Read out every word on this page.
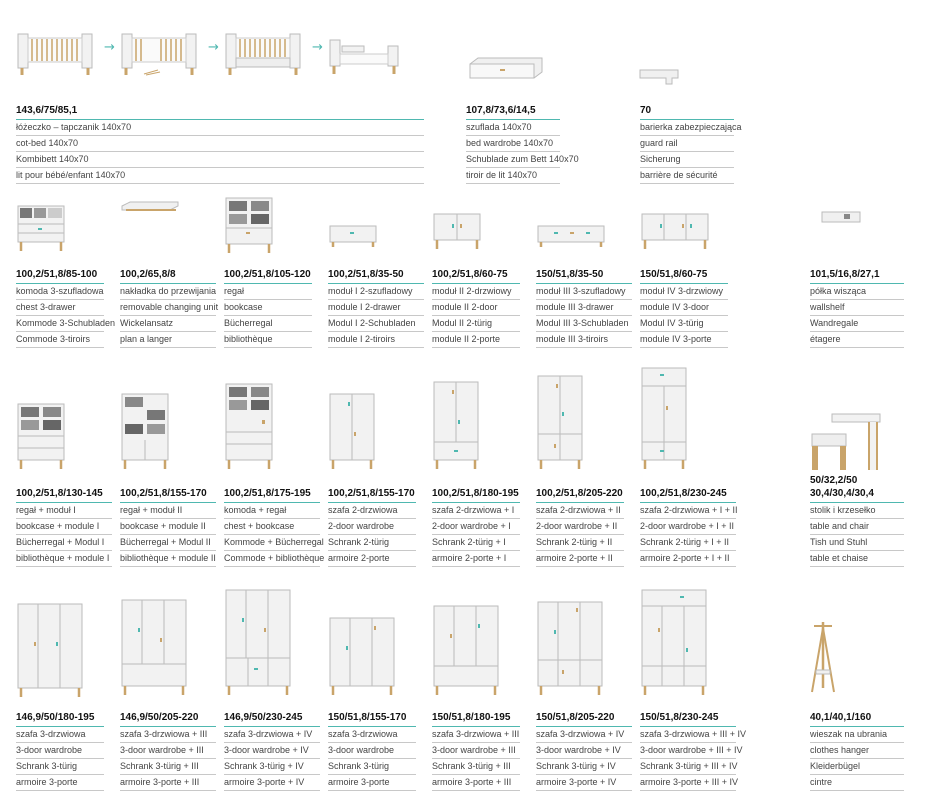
→	→	→
143,6/75/85,1
łóżeczko – tapczanik 140x70
cot-bed 140x70
Kombibett 140x70
lit pour bébé/enfant 140x70
107,8/73,6/14,5
szuflada 140x70
bed wardrobe 140x70
Schublade zum Bett 140x70
tiroir de lit 140x70
70
barierka zabezpieczająca
guard rail
Sicherung
barrière de sécurité
100,2/51,8/85-100
komoda 3-szufladowa
chest 3-drawer
Kommode 3-Schubladen
Commode 3-tiroirs
100,2/65,8/8
nakładka do przewijania
removable changing unit
Wickelansatz
plan a langer
100,2/51,8/105-120
regał
bookcase
Bücherregal
bibliothèque
100,2/51,8/35-50
moduł I 2-szufladowy
module I 2-drawer
Modul I 2-Schubladen
module I 2-tiroirs
100,2/51,8/60-75
moduł II 2-drzwiowy
module II 2-door
Modul II 2-türig
module II 2-porte
150/51,8/35-50
moduł III 3-szufladowy
module III 3-drawer
Modul III 3-Schubladen
module III 3-tiroirs
150/51,8/60-75
moduł IV 3-drzwiowy
module IV 3-door
Modul IV 3-türig
module IV 3-porte
101,5/16,8/27,1
półka wisząca
wallshelf
Wandregale
étagere
100,2/51,8/130-145
regał + moduł I
bookcase + module I
Bücherregal + Modul I
bibliothèque + module I
100,2/51,8/155-170
regał + moduł II
bookcase + module II
Bücherregal + Modul II
bibliothèque + module II
100,2/51,8/175-195
komoda + regał
chest + bookcase
Kommode + Bücherregal
Commode + bibliothèque
100,2/51,8/155-170
szafa 2-drzwiowa
2-door wardrobe
Schrank 2-türig
armoire 2-porte
100,2/51,8/180-195
szafa 2-drzwiowa + I
2-door wardrobe + I
Schrank 2-türig + I
armoire 2-porte + I
100,2/51,8/205-220
szafa 2-drzwiowa + II
2-door wardrobe + II
Schrank 2-türig + II
armoire 2-porte + II
100,2/51,8/230-245
szafa 2-drzwiowa + I + II
2-door wardrobe + I + II
Schrank 2-türig + I + II
armoire 2-porte + I + II
50/32,2/50
30,4/30,4/30,4
stolik i krzesełko
table and chair
Tish und Stuhl
table et chaise
146,9/50/180-195
szafa 3-drzwiowa
3-door wardrobe
Schrank 3-türig
armoire 3-porte
146,9/50/205-220
szafa 3-drzwiowa + III
3-door wardrobe + III
Schrank 3-türig + III
armoire 3-porte + III
146,9/50/230-245
szafa 3-drzwiowa + IV
3-door wardrobe + IV
Schrank 3-türig + IV
armoire 3-porte + IV
150/51,8/155-170
szafa 3-drzwiowa
3-door wardrobe
Schrank 3-türig
armoire 3-porte
150/51,8/180-195
szafa 3-drzwiowa + III
3-door wardrobe + III
Schrank 3-türig + III
armoire 3-porte + III
150/51,8/205-220
szafa 3-drzwiowa + IV
3-door wardrobe + IV
Schrank 3-türig + IV
armoire 3-porte + IV
150/51,8/230-245
szafa 3-drzwiowa + III + IV
3-door wardrobe + III + IV
Schrank 3-türig + III + IV
armoire 3-porte + III + IV
40,1/40,1/160
wieszak na ubrania
clothes hanger
Kleiderbügel
cintre
